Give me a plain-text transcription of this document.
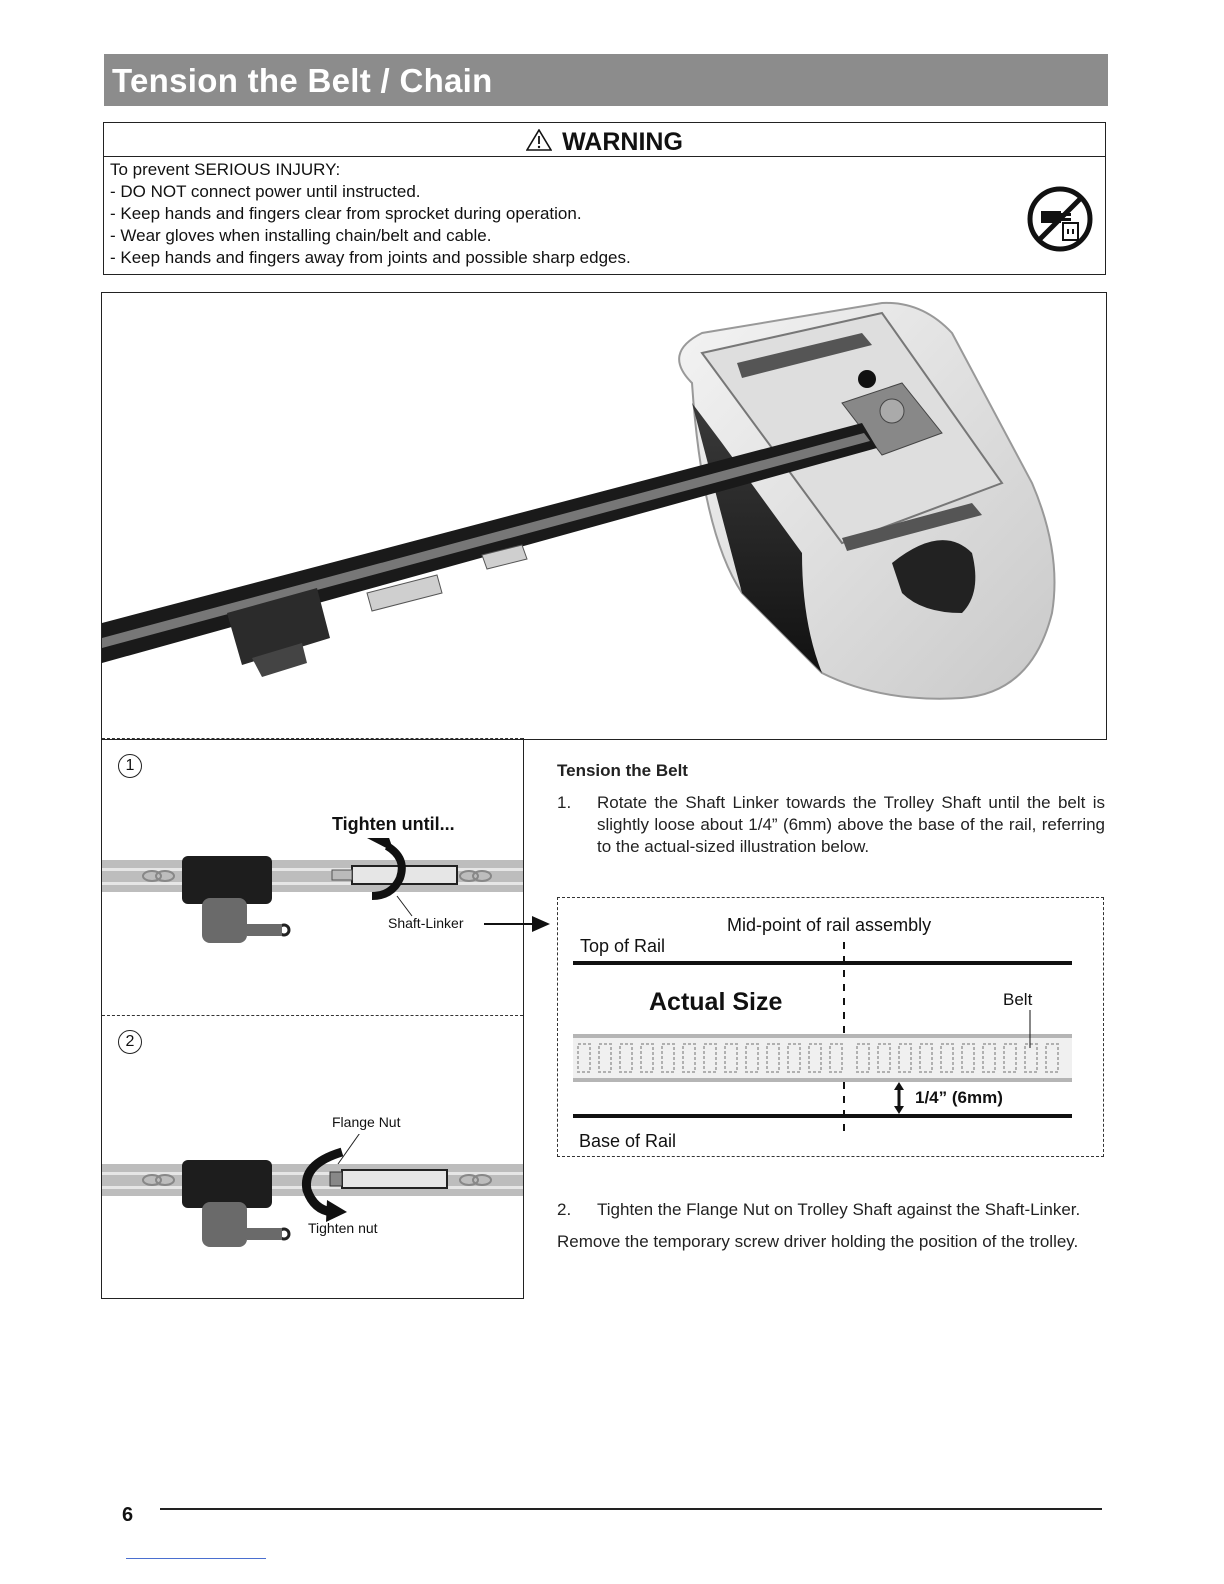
Tension the Belt / Chain
WARNING
To prevent SERIOUS INJURY:
- DO NOT connect power until instructed.
- Keep hands and fingers clear from sprocket during operation.
- Wear gloves when installing chain/belt and cable.
- Keep hands and fingers away from joints and possible sharp edges.
1
Tighten until...
Shaft-Linker
2
Flange Nut
Tighten nut
Tension the Belt
1. Rotate the Shaft Linker towards the Trolley Shaft until the belt is slightly loose about 1/4” (6mm) above the base of the rail, referring to the actual-sized illustration below.
Mid-point of rail assembly
Top of Rail
Actual Size	Belt
1/4” (6mm)
Base of Rail
2. Tighten the Flange Nut on Trolley Shaft against the Shaft-Linker.
Remove the temporary screw driver holding the position of the trolley.
6
